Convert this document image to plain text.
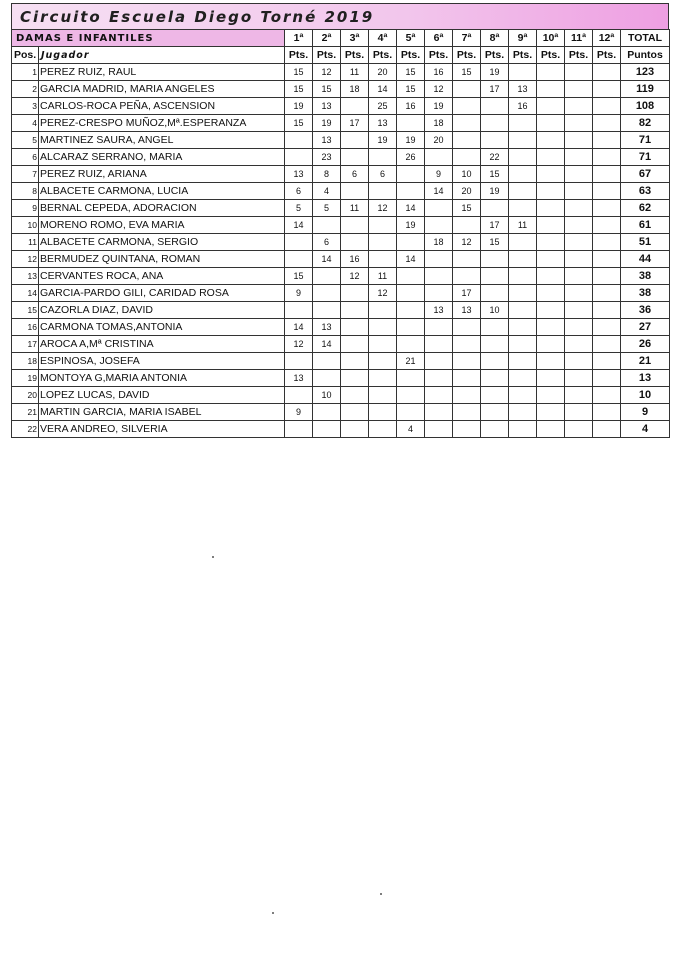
Circuito Escuela Diego Torné 2019
DAMAS E INFANTILES		1ª	2ª	3ª	4ª	5ª	6ª	7ª	8ª	9ª	10ª	11ª	12ª	TOTAL
Pos.	Jugador	Pts.	Pts.	Pts.	Pts.	Pts.	Pts.	Pts.	Pts.	Pts.	Pts.	Pts.	Pts.	Puntos
1	PEREZ RUIZ, RAUL	15	12	11	20	15	16	15	19					123
2	GARCIA MADRID, MARIA ANGELES	15	15	18	14	15	12		17	13				119
3	CARLOS-ROCA PEÑA, ASCENSION	19	13		25	16	19			16				108
4	PEREZ-CRESPO MUÑOZ,Mª.ESPERANZA	15	19	17	13		18							82
5	MARTINEZ SAURA, ANGEL		13		19	19	20							71
6	ALCARAZ SERRANO, MARIA		23			26			22					71
7	PEREZ RUIZ, ARIANA	13	8	6	6		9	10	15					67
8	ALBACETE CARMONA, LUCIA	6	4				14	20	19					63
9	BERNAL CEPEDA, ADORACION	5	5	11	12	14		15						62
10	MORENO ROMO, EVA MARIA	14				19			17	11				61
11	ALBACETE CARMONA, SERGIO		6				18	12	15					51
12	BERMUDEZ QUINTANA, ROMAN		14	16		14								44
13	CERVANTES ROCA, ANA	15		12	11									38
14	GARCIA-PARDO GILI, CARIDAD ROSA	9			12			17						38
15	CAZORLA DIAZ, DAVID						13	13	10					36
16	CARMONA TOMAS,ANTONIA	14	13											27
17	AROCA A,Mª CRISTINA	12	14											26
18	ESPINOSA, JOSEFA					21								21
19	MONTOYA G,MARIA ANTONIA	13												13
20	LOPEZ LUCAS, DAVID		10											10
21	MARTIN GARCIA, MARIA ISABEL	9												9
22	VERA ANDREO, SILVERIA					4								4
